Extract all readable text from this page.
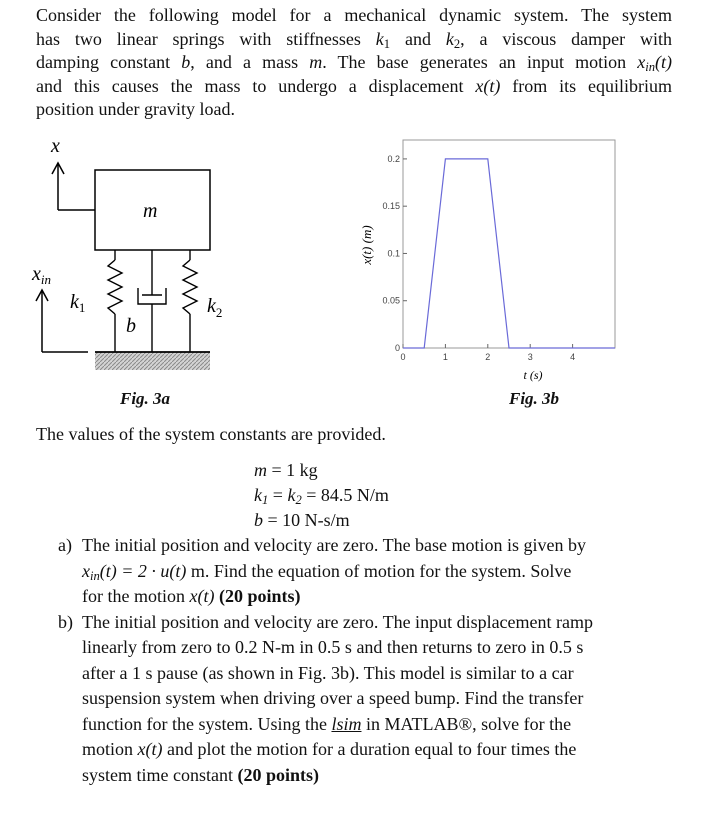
Consider the following model for a mechanical dynamic system. The system
has two linear springs with stiffnesses $k_1$ and $k_2$, a viscous damper with
damping constant b, and a mass m. The base generates an input motion $x_{in}(t)$
and this causes the mass to undergo a displacement x(t) from its equilibrium
position under gravity load.
x
m
$k_1$
b
$k_2$
$x_{in}$
Fig. 3a
x(t) (m)
t (s)
0
0.05
0.1
0.15
0.2
0	1	2	3	4
Fig. 3b
The values of the system constants are provided.
m = 1 kg
$k_1 = k_2 = 84.5$ N/m
b = 10 N-s/m
a) The initial position and velocity are zero. The base motion is given by
$x_{in}(t) = 2 \cdot u(t)$ m. Find the equation of motion for the system. Solve
for the motion x(t) (20 points)
b) The initial position and velocity are zero. The input displacement ramp
linearly from zero to 0.2 N-m in 0.5 s and then returns to zero in 0.5 s
after a 1 s pause (as shown in Fig. 3b). This model is similar to a car
suspension system when driving over a speed bump. Find the transfer
function for the system. Using the lsim in MATLAB®, solve for the
motion x(t) and plot the motion for a duration equal to four times the
system time constant (20 points)
